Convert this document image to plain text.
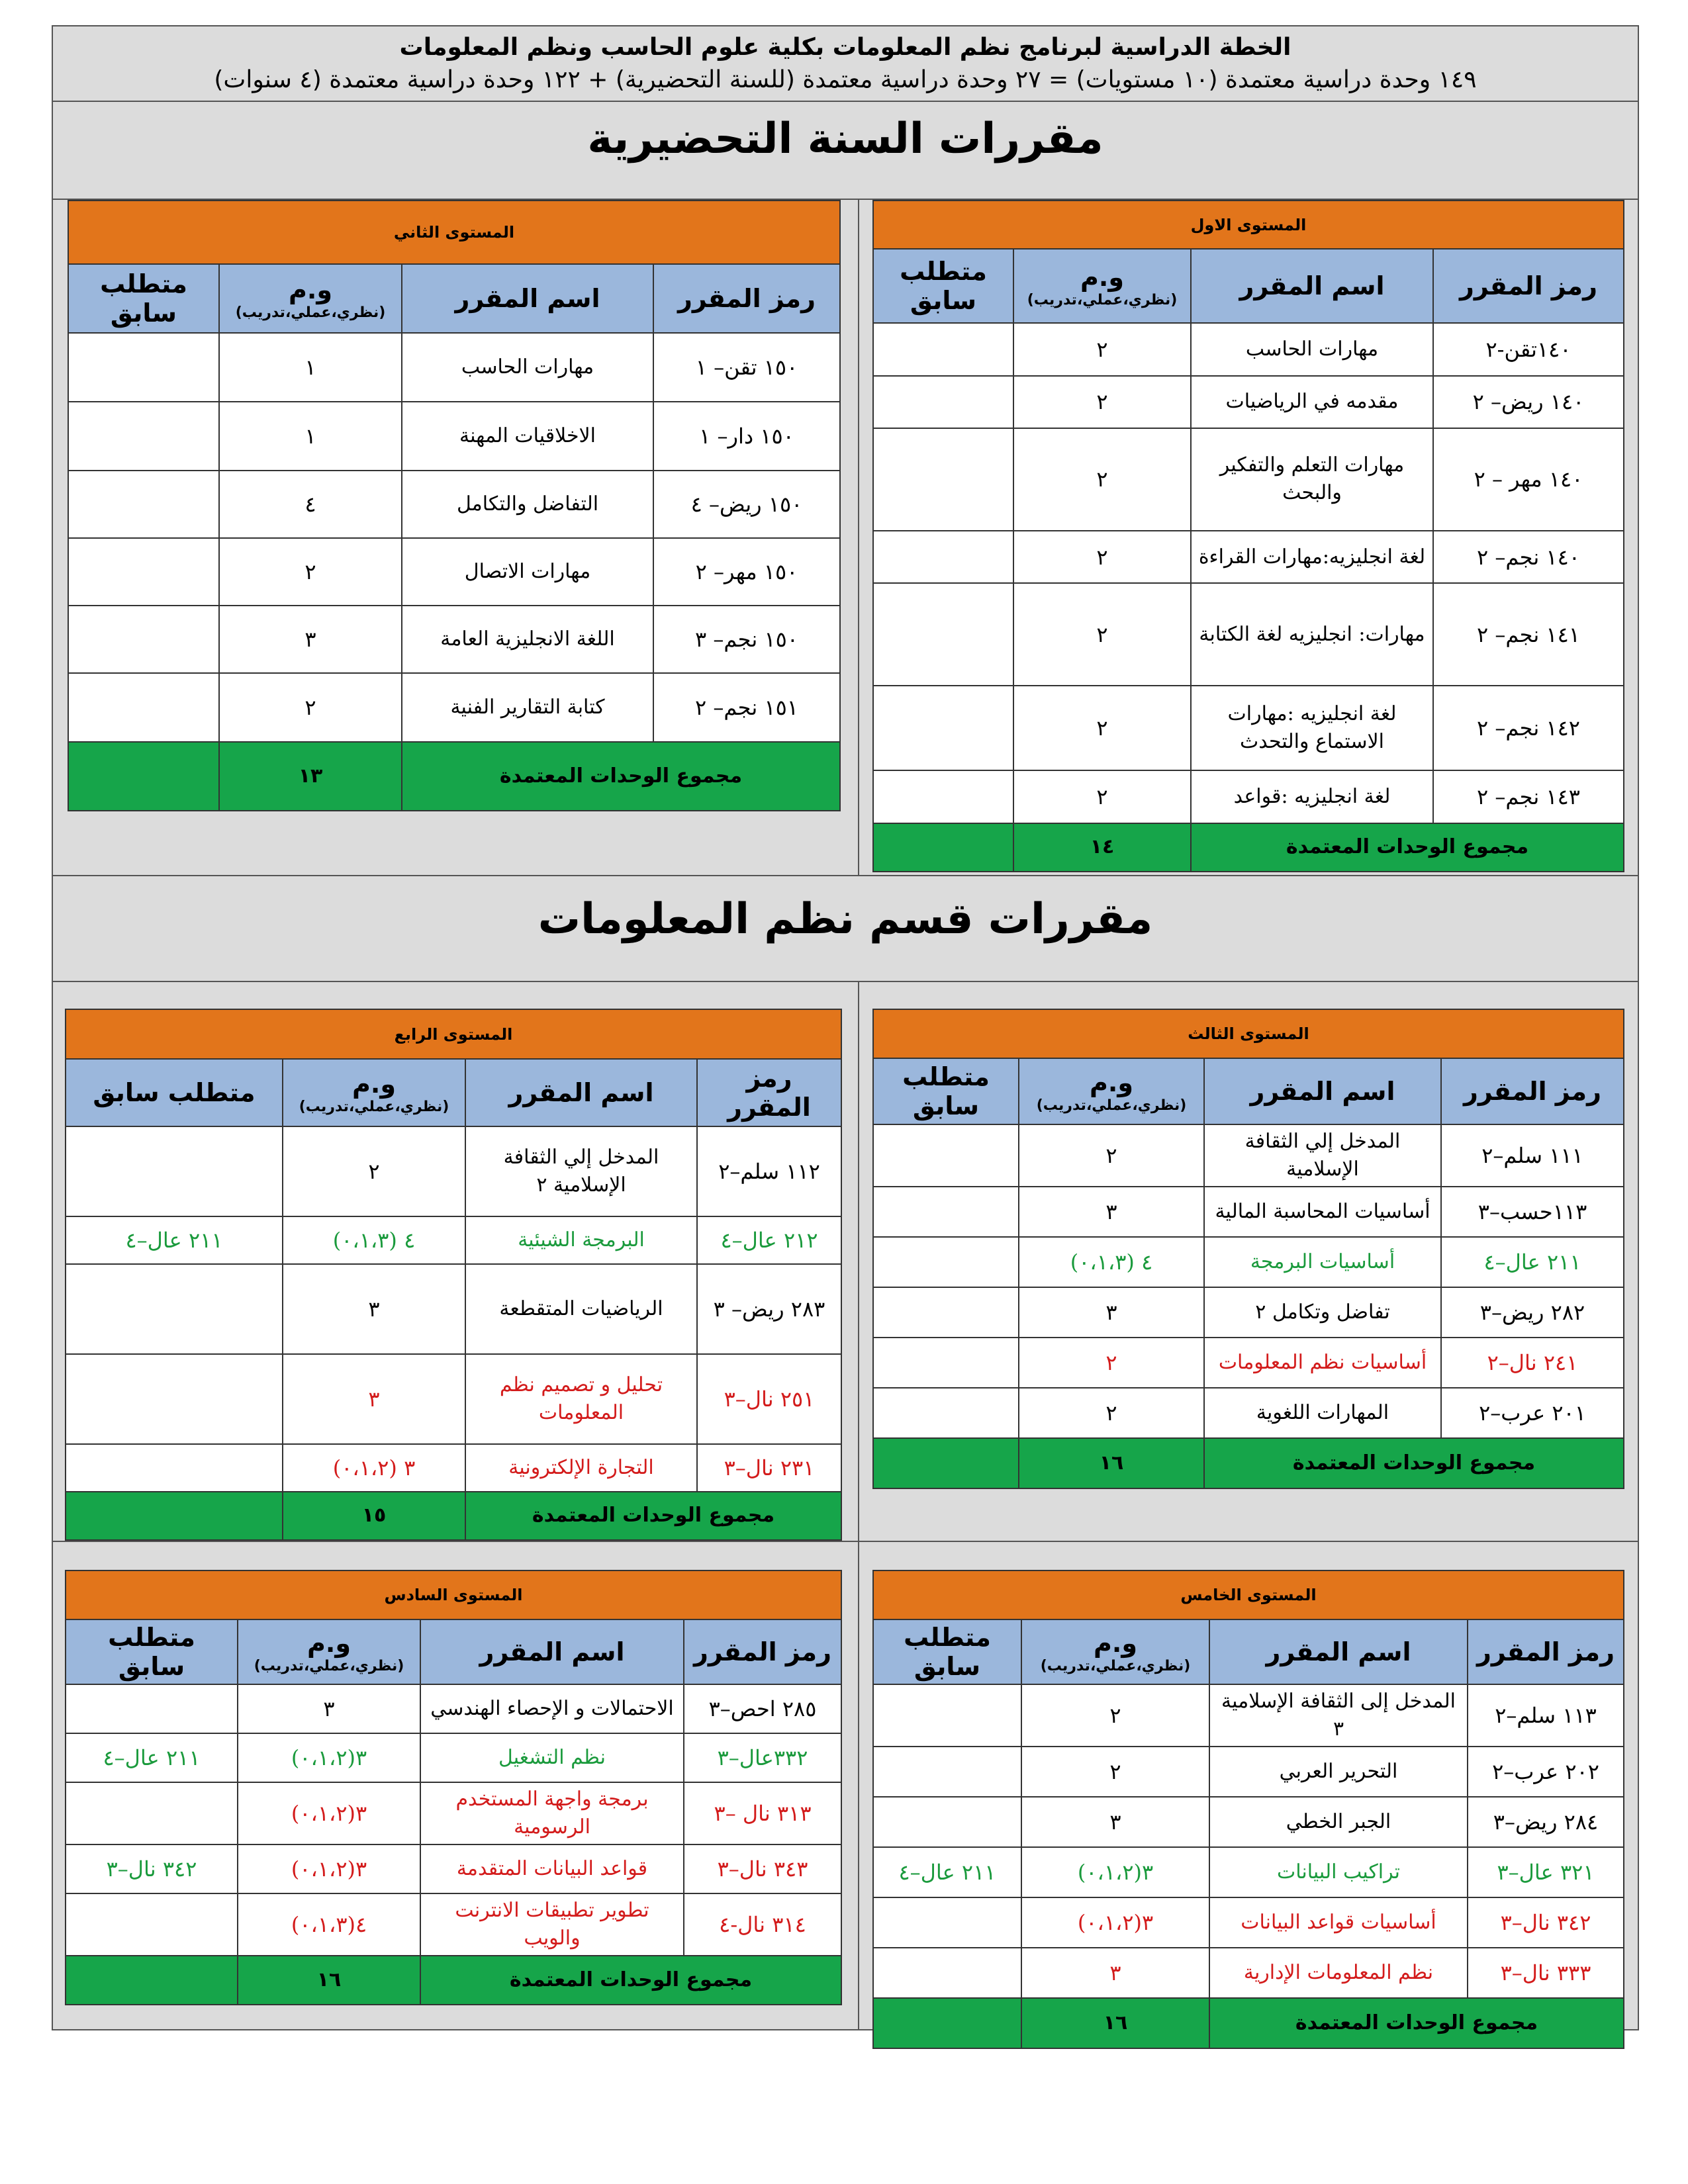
الخطة الدراسية لبرنامج نظم المعلومات بكلية علوم الحاسب ونظم المعلومات
١٤٩ وحدة دراسية معتمدة (١٠ مستويات) = ٢٧ وحدة دراسية معتمدة (للسنة التحضيرية) + ١٢٢ وحدة دراسية معتمدة (٤ سنوات)
مقررات السنة التحضيرية
مقررات قسم نظم المعلومات
المستوى الاول			
رمز المقرر	اسم المقرر	و.م
(نظري،عملي،تدريب)	متطلب سابق
١٤٠تقن-٢	مهارات الحاسب	٢	
١٤٠ ريض– ٢	مقدمه في الرياضيات	٢	
١٤٠ مهر – ٢	مهارات التعلم والتفكير والبحث	٢	
١٤٠ نجم– ٢	لغة انجليزيه:مهارات القراءة	٢	
١٤١ نجم– ٢	مهارات: انجليزيه لغة الكتابة	٢	
١٤٢ نجم– ٢	لغة انجليزيه :مهارات الاستماع والتحدث	٢	
١٤٣ نجم– ٢	لغة انجليزيه :قواعد	٢	
مجموع الوحدات المعتمدة		١٤	
المستوى الثاني			
رمز المقرر	اسم المقرر	و.م
(نظري،عملي،تدريب)	متطلب سابق
١٥٠ تقن– ١	مهارات الحاسب	١	
١٥٠ دار– ١	الاخلاقيات المهنة	١	
١٥٠ ريض– ٤	التفاضل والتكامل	٤	
١٥٠ مهر– ٢	مهارات الاتصال	٢	
١٥٠ نجم– ٣	اللغة الانجليزية العامة	٣	
١٥١ نجم– ٢	كتابة التقارير الفنية	٢	
مجموع الوحدات المعتمدة		١٣	
المستوى الثالث			
رمز المقرر	اسم المقرر	و.م
(نظري،عملي،تدريب)	متطلب سابق
١١١ سلم–٢	المدخل إلي الثقافة الإسلامية	٢	
١١٣حسب–٣	أساسيات المحاسبة المالية	٣	
٢١١ عال–٤	أساسيات البرمجة	٤ (٠،١،٣)	
٢٨٢ ريض–٣	تفاضل وتكامل ٢	٣	
٢٤١ نال–٢	أساسيات نظم المعلومات	٢	
٢٠١ عرب–٢	المهارات اللغوية	٢	
مجموع الوحدات المعتمدة		١٦	
المستوى الرابع			
رمز المقرر	اسم المقرر	و.م
(نظري،عملي،تدريب)	متطلب سابق
١١٢ سلم–٢	المدخل إلي الثقافة الإسلامية ٢	٢	
٢١٢ عال–٤	البرمجة الشيئية	٤ (٠،١،٣)	٢١١ عال–٤
٢٨٣ ريض– ٣	الرياضيات المتقطعة	٣	
٢٥١ نال–٣	تحليل و تصميم نظم المعلومات	٣	
٢٣١ نال–٣	التجارة الإلكترونية	٣ (٠،١،٢)	
مجموع الوحدات المعتمدة		١٥	
المستوى الخامس			
رمز المقرر	اسم المقرر	و.م
(نظري،عملي،تدريب)	متطلب سابق
١١٣ سلم–٢	المدخل إلى الثقافة الإسلامية ٣	٢	
٢٠٢ عرب–٢	التحرير العربي	٢	
٢٨٤ ريض–٣	الجبر الخطي	٣	
٣٢١ عال–٣	تراكيب البيانات	٣(٠،١،٢)	٢١١ عال–٤
٣٤٢ نال–٣	أساسيات قواعد البيانات	٣(٠،١،٢)	
٣٣٣ نال–٣	نظم المعلومات الإدارية	٣	
مجموع الوحدات المعتمدة		١٦	
المستوى السادس			
رمز المقرر	اسم المقرر	و.م
(نظري،عملي،تدريب)	متطلب سابق
٢٨٥ احص–٣	الاحتمالات و الإحصاء الهندسي	٣	
٣٣٢عال–٣	نظم التشغيل	٣(٠،١،٢)	٢١١ عال–٤
٣١٣ نال –٣	برمجة واجهة المستخدم الرسومية	٣(٠،١،٢)	
٣٤٣ نال–٣	قواعد البيانات المتقدمة	٣(٠،١،٢)	٣٤٢ نال–٣
٣١٤ نال-٤	تطوير تطبيقات الانترنت والويب	٤(٠،١،٣)	
مجموع الوحدات المعتمدة		١٦	
